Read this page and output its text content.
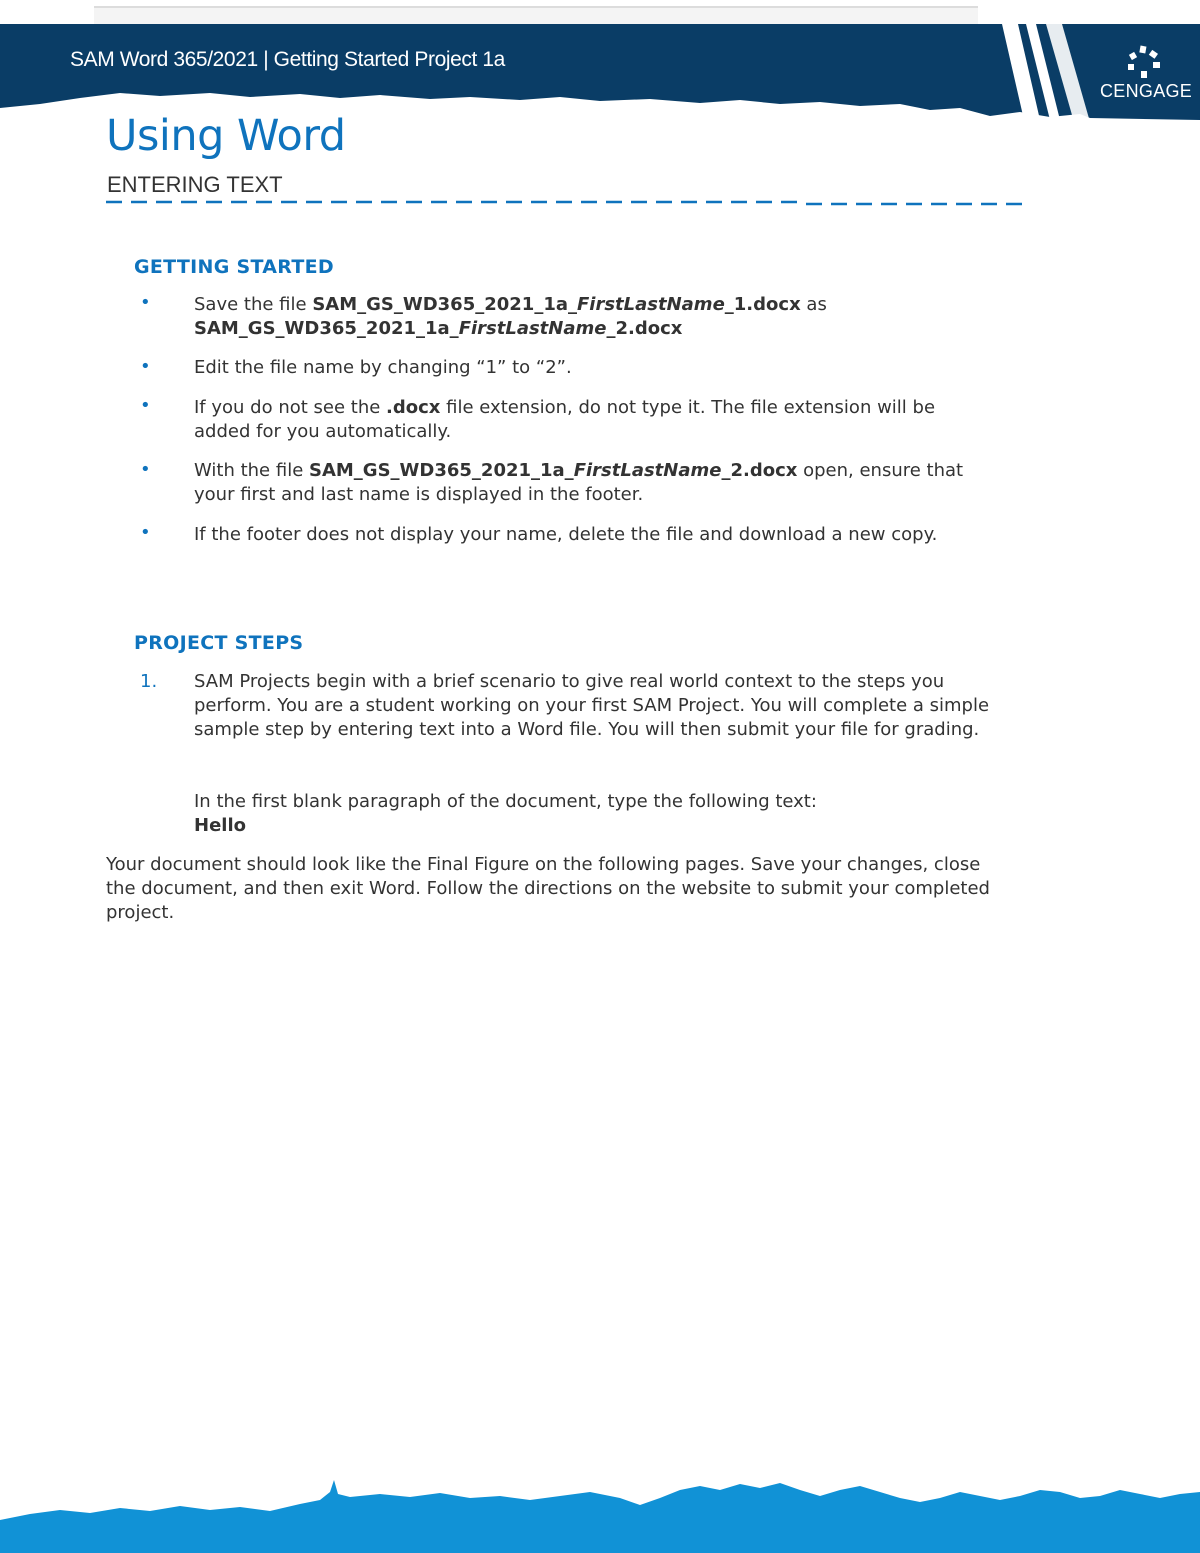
SAM Word 365/2021 | Getting Started Project 1a
CENGAGE
Using Word
ENTERING TEXT
GETTING STARTED
• Save the file SAM_GS_WD365_2021_1a_FirstLastName_1.docx as
SAM_GS_WD365_2021_1a_FirstLastName_2.docx
• Edit the file name by changing “1” to “2”.
• If you do not see the .docx file extension, do not type it. The file extension will be added for you automatically.
• With the file SAM_GS_WD365_2021_1a_FirstLastName_2.docx open, ensure that your first and last name is displayed in the footer.
• If the footer does not display your name, delete the file and download a new copy.
PROJECT STEPS
1. SAM Projects begin with a brief scenario to give real world context to the steps you perform. You are a student working on your first SAM Project. You will complete a simple sample step by entering text into a Word file. You will then submit your file for grading.
In the first blank paragraph of the document, type the following text:
Hello
Your document should look like the Final Figure on the following pages. Save your changes, close the document, and then exit Word. Follow the directions on the website to submit your completed project.
